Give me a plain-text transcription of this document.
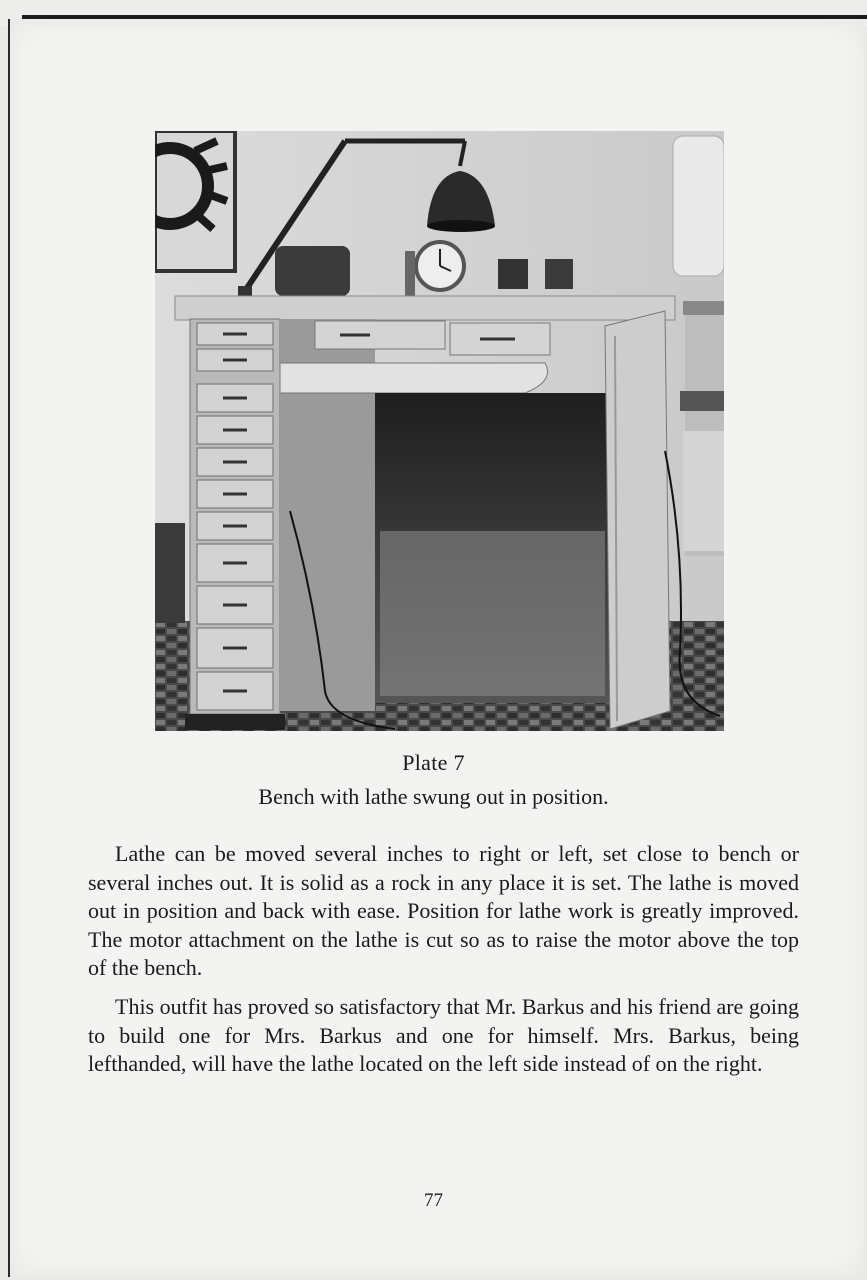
Plate 7
Bench with lathe swung out in position.

Lathe can be moved several inches to right or left, set close to bench or several inches out. It is solid as a rock in any place it is set. The lathe is moved out in position and back with ease. Position for lathe work is greatly improved. The motor attachment on the lathe is cut so as to raise the motor above the top of the bench.

This outfit has proved so satisfactory that Mr. Barkus and his friend are going to build one for Mrs. Barkus and one for himself. Mrs. Barkus, being lefthanded, will have the lathe located on the left side instead of on the right.

77
